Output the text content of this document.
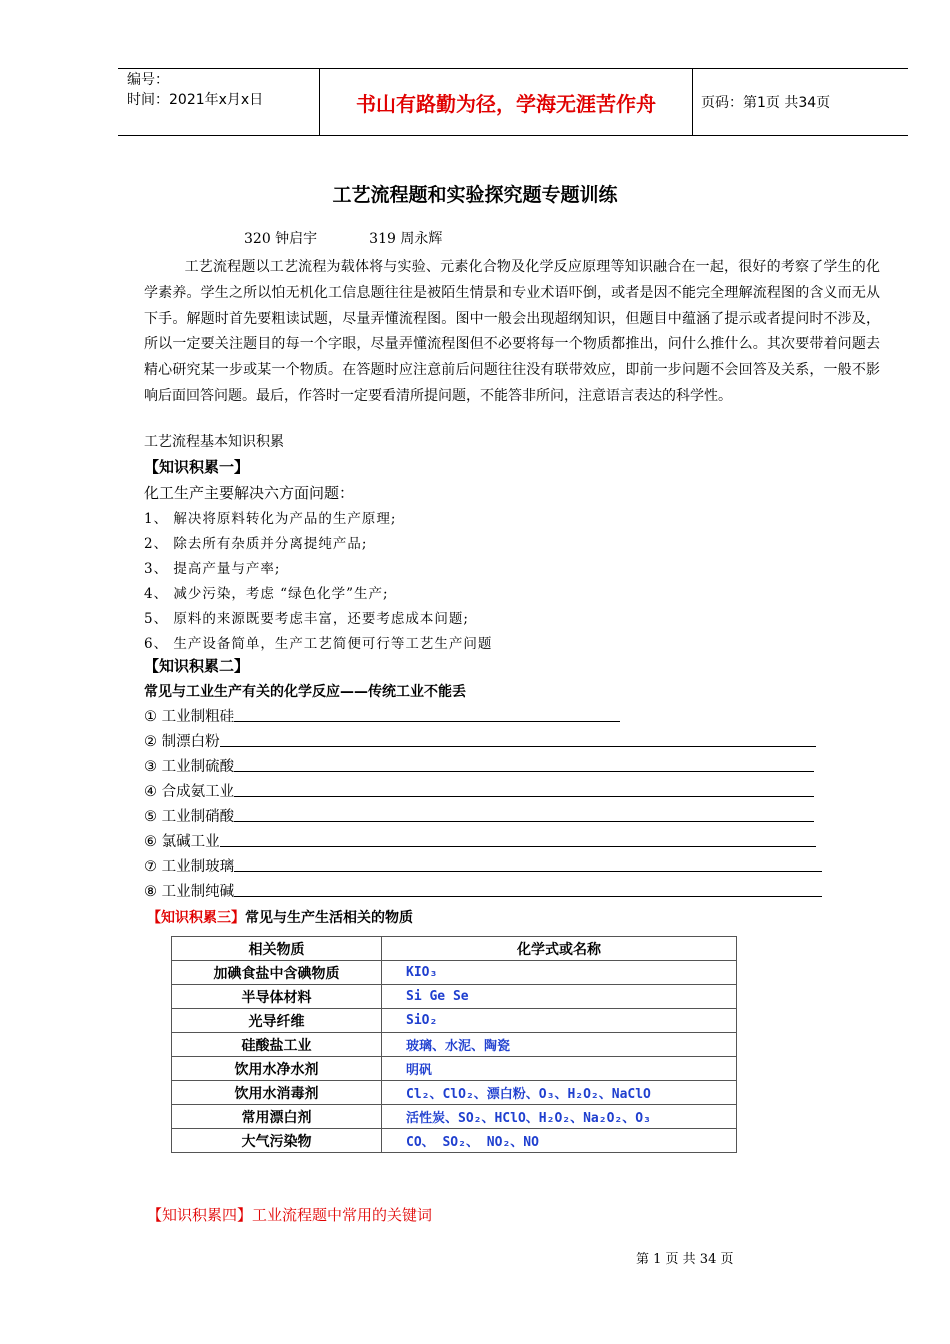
编号：
时间：2021年x月x日	书山有路勤为径，学海无涯苦作舟	页码：第1页 共34页
工艺流程题和实验探究题专题训练
320 钟启宇	319 周永辉
工艺流程题以工艺流程为载体将与实验、元素化合物及化学反应原理等知识融合在一起，很好的考察了学生的化学素养。学生之所以怕无机化工信息题往往是被陌生情景和专业术语吓倒，或者是因不能完全理解流程图的含义而无从下手。解题时首先要粗读试题，尽量弄懂流程图。图中一般会出现超纲知识，但题目中蕴涵了提示或者提问时不涉及，所以一定要关注题目的每一个字眼，尽量弄懂流程图但不必要将每一个物质都推出，问什么推什么。其次要带着问题去精心研究某一步或某一个物质。在答题时应注意前后问题往往没有联带效应，即前一步问题不会回答及关系，一般不影响后面回答问题。最后，作答时一定要看清所提问题，不能答非所问，注意语言表达的科学性。
工艺流程基本知识积累
【知识积累一】
化工生产主要解决六方面问题：
1、 解决将原料转化为产品的生产原理;
2、 除去所有杂质并分离提纯产品;
3、 提高产量与产率;
4、 减少污染，考虑 “绿色化学”生产;
5、 原料的来源既要考虑丰富，还要考虑成本问题;
6、 生产设备简单，生产工艺简便可行等工艺生产问题
【知识积累二】
常见与工业生产有关的化学反应——传统工业不能丢
① 工业制粗硅
② 制漂白粉
③ 工业制硫酸
④ 合成氨工业
⑤ 工业制硝酸
⑥ 氯碱工业
⑦ 工业制玻璃
⑧ 工业制纯碱
【知识积累三】常见与生产生活相关的物质
相关物质	化学式或名称
加碘食盐中含碘物质	KIO₃
半导体材料	Si Ge Se
光导纤维	SiO₂
硅酸盐工业	玻璃、水泥、陶瓷
饮用水净水剂	明矾
饮用水消毒剂	Cl₂、ClO₂、漂白粉、O₃、H₂O₂、NaClO
常用漂白剂	活性炭、SO₂、HClO、H₂O₂、Na₂O₂、O₃
大气污染物	CO、 SO₂、 NO₂、NO
【知识积累四】工业流程题中常用的关键词
第 1 页 共 34 页
